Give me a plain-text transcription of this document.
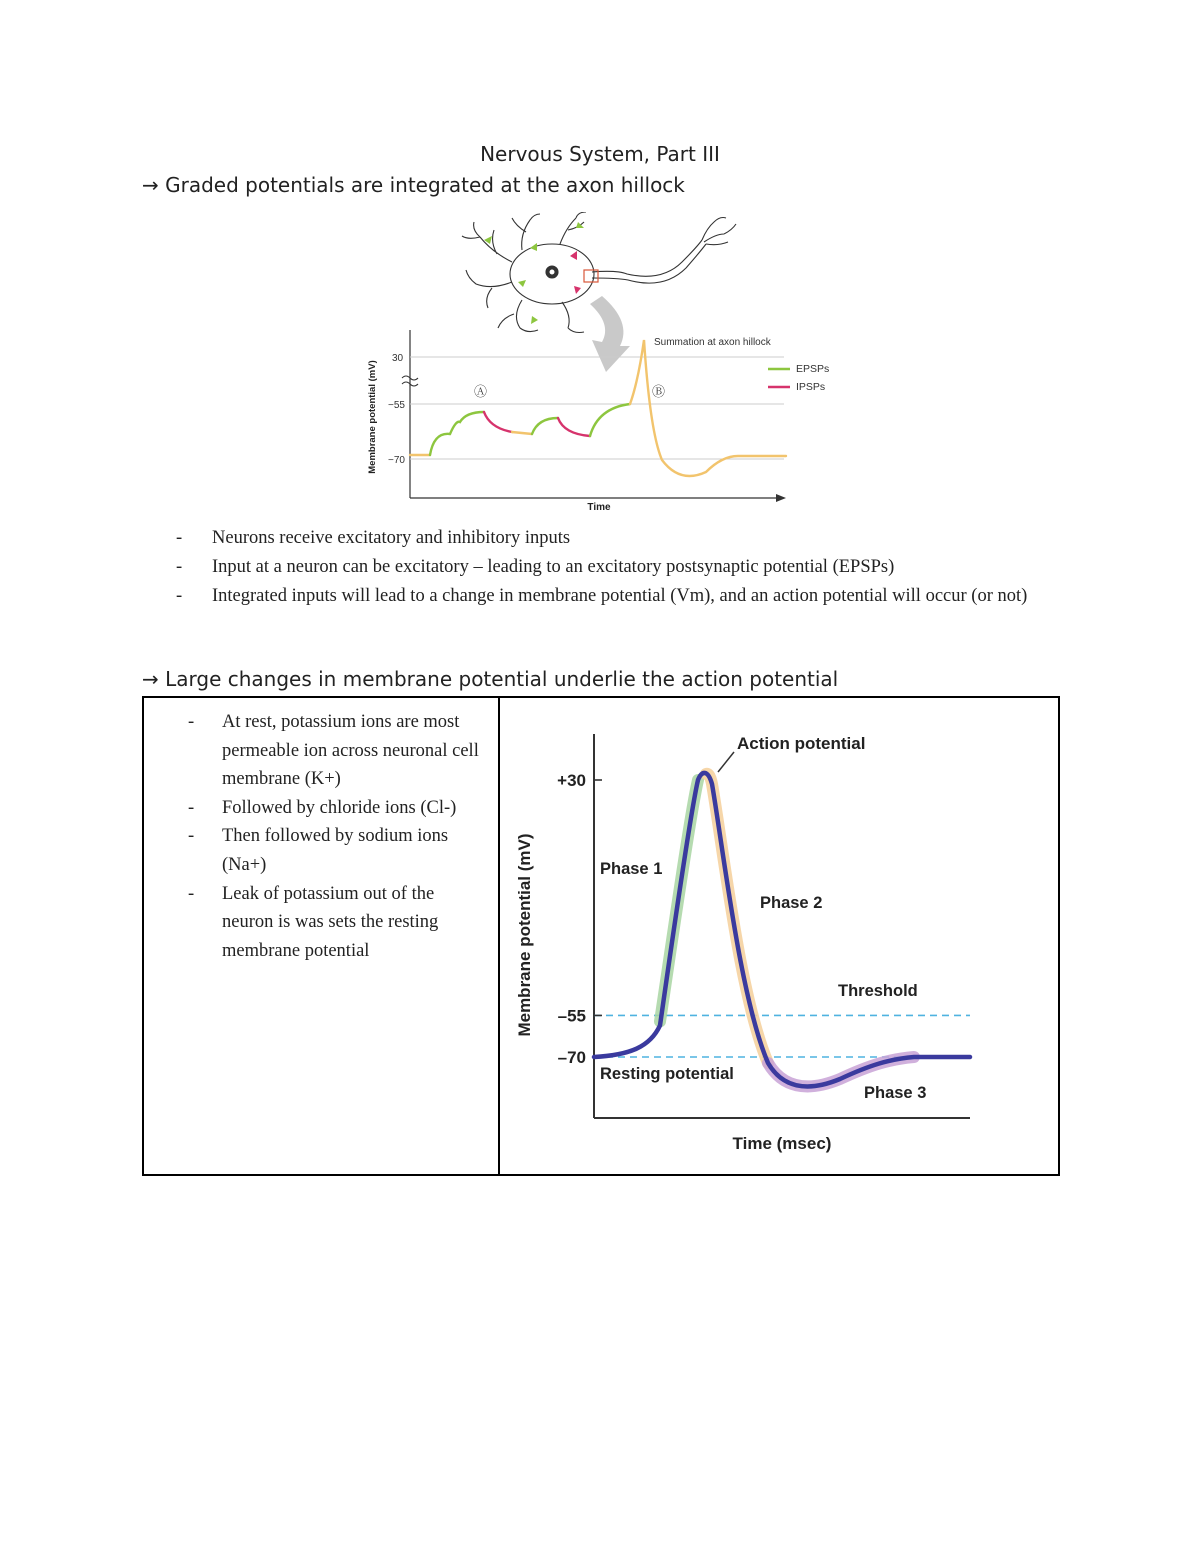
Nervous System, Part III
→ Graded potentials are integrated at the axon hillock
Membrane potential (mV)
30
−55
−70
Time
Summation at axon hillock
Ⓐ	Ⓑ
EPSPs
IPSPs
- Neurons receive excitatory and inhibitory inputs
- Input at a neuron can be excitatory – leading to an excitatory postsynaptic potential (EPSPs)
- Integrated inputs will lead to a change in membrane potential (Vm), and an action potential will occur (or not)
→ Large changes in membrane potential underlie the action potential
- At rest, potassium ions are most permeable ion across neuronal cell membrane (K+)
- Followed by chloride ions (Cl-)
- Then followed by sodium ions (Na+)
- Leak of potassium out of the neuron is was sets the resting membrane potential
+30
–55
–70
Action potential
Phase 1
Phase 2
Threshold
Resting potential
Phase 3
Time (msec)
Membrane potential (mV)
